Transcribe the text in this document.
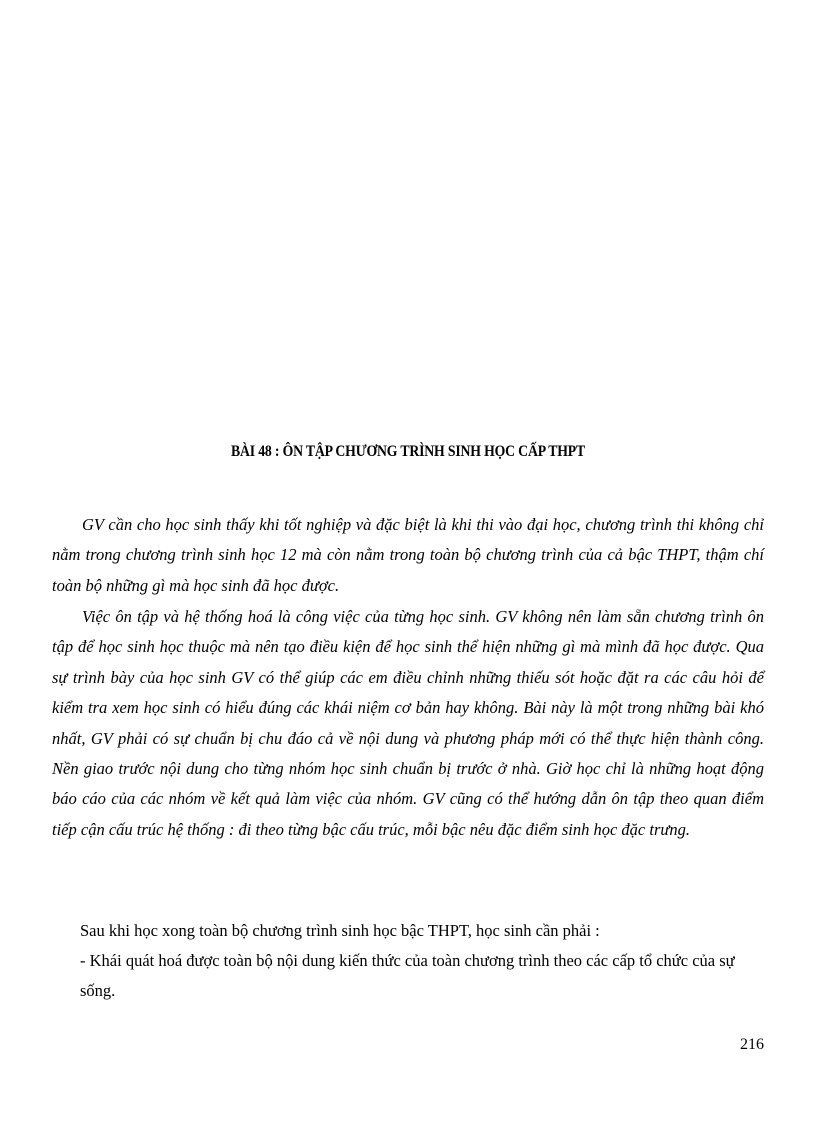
BÀI 48 : ÔN TẬP CHƯƠNG TRÌNH SINH HỌC CẤP THPT

GV cần cho học sinh thấy khi tốt nghiệp và đặc biệt là khi thi vào đại học, chương trình thi không chỉ nằm trong chương trình sinh học 12 mà còn nằm trong toàn bộ chương trình của cả bậc THPT, thậm chí toàn bộ những gì mà học sinh đã học được.

Việc ôn tập và hệ thống hoá là công việc của từng học sinh. GV không nên làm sẵn chương trình ôn tập để học sinh học thuộc mà nên tạo điều kiện để học sinh thể hiện những gì mà mình đã học được. Qua sự trình bày của học sinh GV có thể giúp các em điều chỉnh những thiếu sót hoặc đặt ra các câu hỏi để kiểm tra xem học sinh có hiểu đúng các khái niệm cơ bản hay không. Bài này là một trong những bài khó nhất, GV phải có sự chuẩn bị chu đáo cả về nội dung và phương pháp mới có thể thực hiện thành công. Nền giao trước nội dung cho từng nhóm học sinh chuẩn bị trước ở nhà. Giờ học chỉ là những hoạt động báo cáo của các nhóm về kết quả làm việc của nhóm. GV cũng có thể hướng dẫn ôn tập theo quan điểm tiếp cận cấu trúc hệ thống : đi theo từng bậc cấu trúc, mỗi bậc nêu đặc điểm sinh học đặc trưng.

Sau khi học xong toàn bộ chương trình sinh học bậc THPT, học sinh cần phải :

- Khái quát hoá được toàn bộ nội dung kiến thức của toàn chương trình theo các cấp tổ chức của sự sống.

216
